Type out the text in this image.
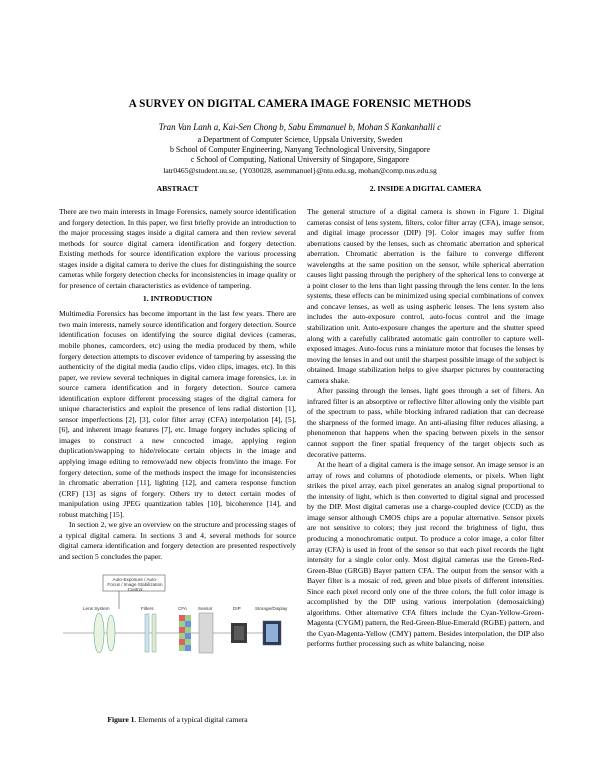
A SURVEY ON DIGITAL CAMERA IMAGE FORENSIC METHODS
Tran Van Lanh a, Kai-Sen Chong b, Sabu Emmanuel b, Mohan S Kankanhalli c
a Department of Computer Science, Uppsala University, Sweden
b School of Computer Engineering, Nanyang Technological University, Singapore
c School of Computing, National University of Singapore, Singapore
latr0465@student.uu.se, {Y030028, asemmanuel}@ntu.edu.sg, mohan@comp.nus.edu.sg
ABSTRACT

There are two main interests in Image Forensics, namely source identification and forgery detection. In this paper, we first briefly provide an introduction to the major processing stages inside a digital camera and then review several methods for source digital camera identification and forgery detection. Existing methods for source identification explore the various processing stages inside a digital camera to derive the clues for distinguishing the source cameras while forgery detection checks for inconsistencies in image quality or for presence of certain characteristics as evidence of tampering.

1. INTRODUCTION

Multimedia Forensics has become important in the last few years. There are two main interests, namely source identification and forgery detection. Source identification focuses on identifying the source digital devices (cameras, mobile phones, camcorders, etc) using the media produced by them, while forgery detection attempts to discover evidence of tampering by assessing the authenticity of the digital media (audio clips, video clips, images, etc). In this paper, we review several techniques in digital camera image forensics, i.e. in source camera identification and in forgery detection. Source camera identification explore different processing stages of the digital camera for unique characteristics and exploit the presence of lens radial distortion [1], sensor imperfections [2], [3], color filter array (CFA) interpolation [4], [5], [6], and inherent image features [7], etc. Image forgery includes splicing of images to construct a new concocted image, applying region duplication/swapping to hide/relocate certain objects in the image and applying image editing to remove/add new objects from/into the image. For forgery detection, some of the methods inspect the image for inconsistencies in chromatic aberration [11], lighting [12], and camera response function (CRF) [13] as signs of forgery. Others try to detect certain modes of manipulation using JPEG quantization tables [10], bicoherence [14], and robust matching [15].

In section 2, we give an overview on the structure and processing stages of a typical digital camera. In sections 3 and 4, several methods for source digital camera identification and forgery detection are presented respectively and section 5 concludes the paper.

Auto-Exposure / Auto-Focus / Image Stabilization Control
Lens System	Filters	CFA Sensor	DIP	Storage/Display
Figure 1. Elements of a typical digital camera
2. INSIDE A DIGITAL CAMERA

The general structure of a digital camera is shown in Figure 1. Digital cameras consist of lens system, filters, color filter array (CFA), image sensor, and digital image processor (DIP) [9]. Color images may suffer from aberrations caused by the lenses, such as chromatic aberration and spherical aberration. Chromatic aberration is the failure to converge different wavelengths at the same position on the sensor, while spherical aberration causes light passing through the periphery of the spherical lens to converge at a point closer to the lens than light passing through the lens center. In the lens systems, these effects can be minimized using special combinations of convex and concave lenses, as well as using aspheric lenses. The lens system also includes the auto-exposure control, auto-focus control and the image stabilization unit. Auto-exposure changes the aperture and the shutter speed along with a carefully calibrated automatic gain controller to capture well-exposed images. Auto-focus runs a miniature motor that focuses the lenses by moving the lenses in and out until the sharpest possible image of the subject is obtained. Image stabilization helps to give sharper pictures by counteracting camera shake.

After passing through the lenses, light goes through a set of filters. An infrared filter is an absorptive or reflective filter allowing only the visible part of the spectrum to pass, while blocking infrared radiation that can decrease the sharpness of the formed image. An anti-aliasing filter reduces aliasing, a phenomenon that happens when the spacing between pixels in the sensor cannot support the finer spatial frequency of the target objects such as decorative patterns.

At the heart of a digital camera is the image sensor. An image sensor is an array of rows and columns of photodiode elements, or pixels. When light strikes the pixel array, each pixel generates an analog signal proportional to the intensity of light, which is then converted to digital signal and processed by the DIP. Most digital cameras use a charge-coupled device (CCD) as the image sensor although CMOS chips are a popular alternative. Sensor pixels are not sensitive to colors; they just record the brightness of light, thus producing a monochromatic output. To produce a color image, a color filter array (CFA) is used in front of the sensor so that each pixel records the light intensity for a single color only. Most digital cameras use the Green-Red-Green-Blue (GRGB) Bayer pattern CFA. The output from the sensor with a Bayer filter is a mosaic of red, green and blue pixels of different intensities. Since each pixel record only one of the three colors, the full color image is accomplished by the DIP using various interpolation (demosaicking) algorithms. Other alternative CFA filters include the Cyan-Yellow-Green-Magenta (CYGM) pattern, the Red-Green-Blue-Emerald (RGBE) pattern, and the Cyan-Magenta-Yellow (CMY) pattern. Besides interpolation, the DIP also performs further processing such as white balancing, noise
